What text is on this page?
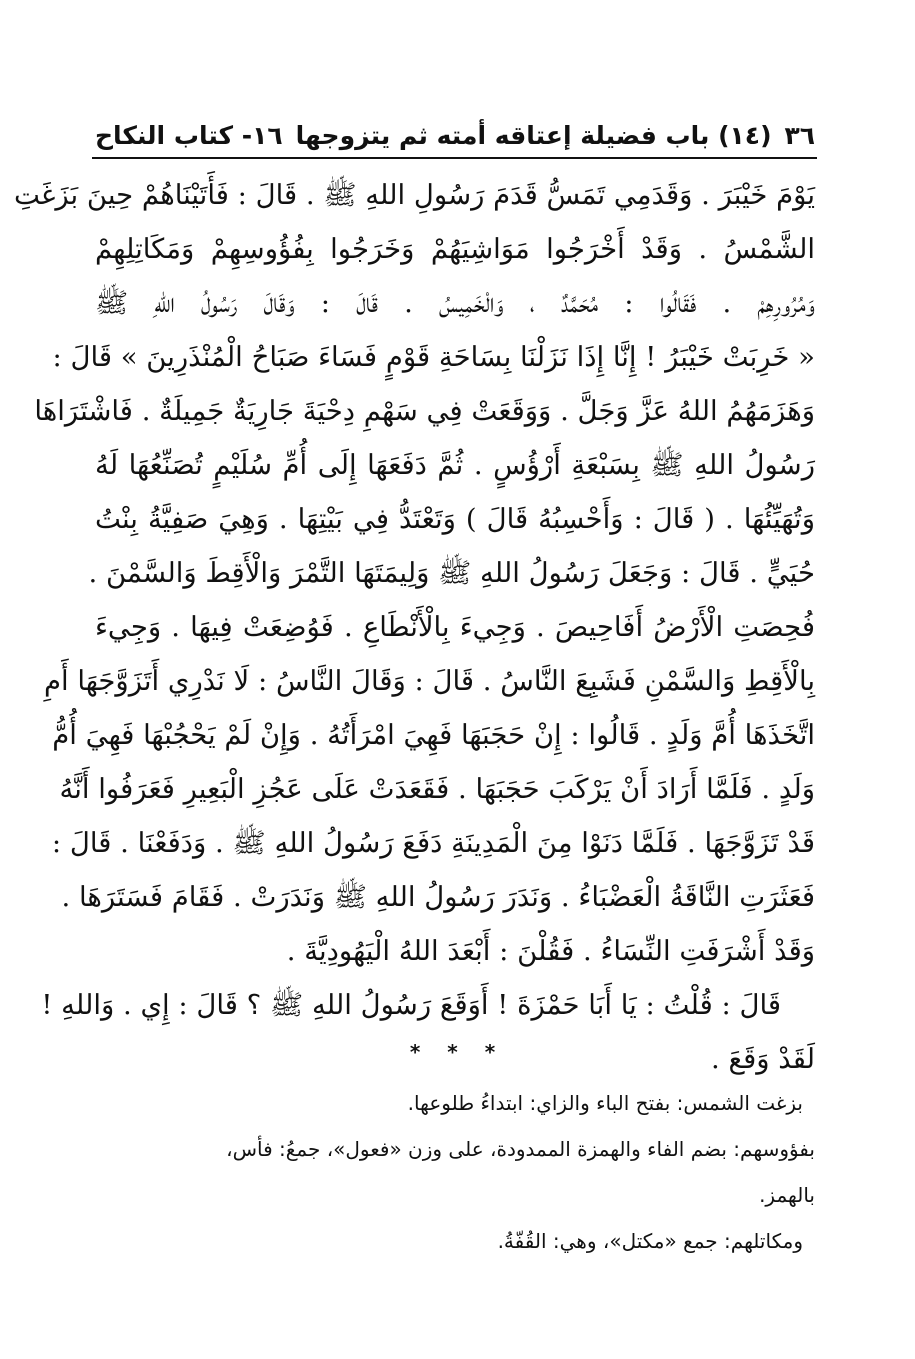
٣٦
(١٤) باب فضيلة إعتاقه أمته ثم يتزوجها
١٦- كتاب النكاح
يَوْمَ خَيْبَرَ . وَقَدَمِي تَمَسُّ قَدَمَ رَسُولِ اللهِ ﷺ . قَالَ : فَأَتَيْنَاهُمْ حِينَ بَزَغَتِ
الشَّمْسُ . وَقَدْ أَخْرَجُوا مَوَاشِيَهُمْ وَخَرَجُوا بِفُؤُوسِهِمْ وَمَكَاتِلِهِمْ
وَمُرُورِهِمْ . فَقَالُوا : مُحَمَّدٌ ، وَالْخَمِيسُ . قَالَ : وَقَالَ رَسُولُ اللهِ ﷺ
« خَرِبَتْ خَيْبَرُ ! إِنَّا إِذَا نَزَلْنَا بِسَاحَةِ قَوْمٍ فَسَاءَ صَبَاحُ الْمُنْذَرِينَ » قَالَ :
وَهَزَمَهُمُ اللهُ عَزَّ وَجَلَّ . وَوَقَعَتْ فِي سَهْمِ دِحْيَةَ جَارِيَةٌ جَمِيلَةٌ . فَاشْتَرَاهَا
رَسُولُ اللهِ ﷺ بِسَبْعَةِ أَرْؤُسٍ . ثُمَّ دَفَعَهَا إِلَى أُمِّ سُلَيْمٍ تُصَنِّعُهَا لَهُ
وَتُهَيِّئُهَا . ( قَالَ : وَأَحْسِبُهُ قَالَ ) وَتَعْتَدُّ فِي بَيْتِهَا . وَهِيَ صَفِيَّةُ بِنْتُ
حُيَيٍّ . قَالَ : وَجَعَلَ رَسُولُ اللهِ ﷺ وَلِيمَتَهَا التَّمْرَ وَالْأَقِطَ وَالسَّمْنَ .
فُحِصَتِ الْأَرْضُ أَفَاحِيصَ . وَجِيءَ بِالْأَنْطَاعِ . فَوُضِعَتْ فِيهَا . وَجِيءَ
بِالْأَقِطِ وَالسَّمْنِ فَشَبِعَ النَّاسُ . قَالَ : وَقَالَ النَّاسُ : لَا نَدْرِي أَتَزَوَّجَهَا أَمِ
اتَّخَذَهَا أُمَّ وَلَدٍ . قَالُوا : إِنْ حَجَبَهَا فَهِيَ امْرَأَتُهُ . وَإِنْ لَمْ يَحْجُبْهَا فَهِيَ أُمُّ
وَلَدٍ . فَلَمَّا أَرَادَ أَنْ يَرْكَبَ حَجَبَهَا . فَقَعَدَتْ عَلَى عَجُزِ الْبَعِيرِ فَعَرَفُوا أَنَّهُ
قَدْ تَزَوَّجَهَا . فَلَمَّا دَنَوْا مِنَ الْمَدِينَةِ دَفَعَ رَسُولُ اللهِ ﷺ . وَدَفَعْنَا . قَالَ :
فَعَثَرَتِ النَّاقَةُ الْعَضْبَاءُ . وَنَدَرَ رَسُولُ اللهِ ﷺ وَنَدَرَتْ . فَقَامَ فَسَتَرَهَا .
وَقَدْ أَشْرَفَتِ النِّسَاءُ . فَقُلْنَ : أَبْعَدَ اللهُ الْيَهُودِيَّةَ .
قَالَ : قُلْتُ : يَا أَبَا حَمْزَةَ ! أَوَقَعَ رَسُولُ اللهِ ﷺ ؟ قَالَ : إِي . وَاللهِ !
لَقَدْ وَقَعَ .
* * *

بزغت الشمس: بفتح الباء والزاي: ابتداءُ طلوعها.

بفؤوسهم: بضم الفاء والهمزة الممدودة، على وزن «فعول»، جمعُ: فأس،
بالهمز.

ومكاتلهم: جمع «مكتل»، وهي: القُفّةُ.
